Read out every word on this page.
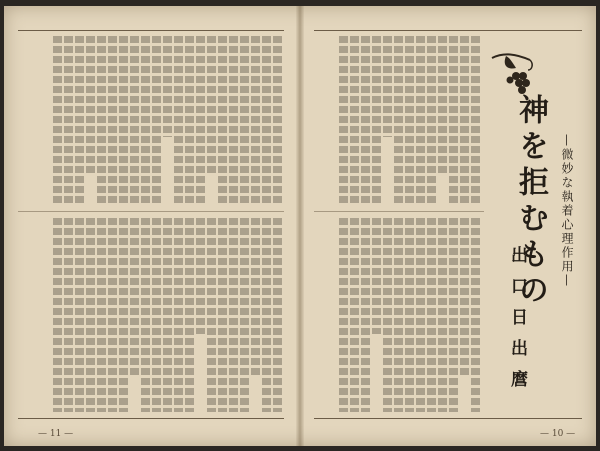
— 11 —
神を拒むもの	—微妙な執着心理作用—
出口日出麿
— 10 —
